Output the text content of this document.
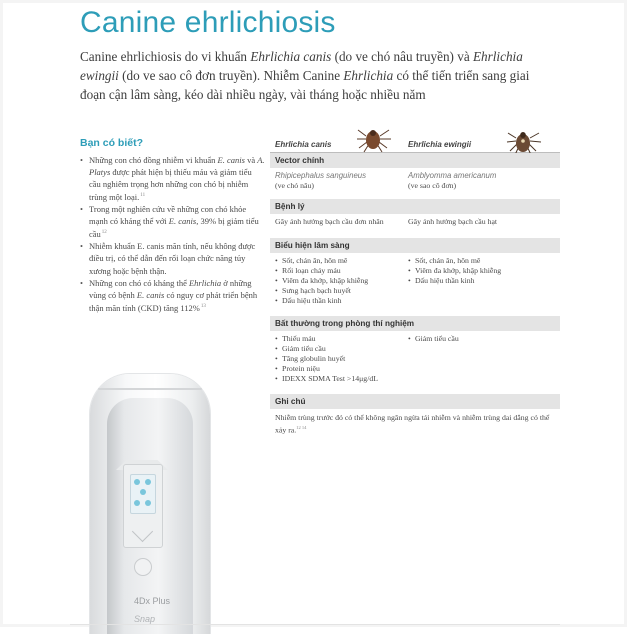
Canine ehrlichiosis
Canine ehrlichiosis do vi khuẩn Ehrlichia canis (do ve chó nâu truyền) và Ehrlichia ewingii (do ve sao cô đơn truyền). Nhiễm Canine Ehrlichia có thể tiến triển sang giai đoạn cận lâm sàng, kéo dài nhiều ngày, vài tháng hoặc nhiều năm
Bạn có biết?
• Những con chó đồng nhiễm vi khuẩn E. canis và A. Platys được phát hiện bị thiếu máu và giảm tiểu cầu nghiêm trọng hơn những con chó bị nhiễm trùng một loại.$^{11}$
• Trong một nghiên cứu về những con chó khỏe mạnh có kháng thể với E. canis, 39% bị giảm tiểu cầu$^{12}$
• Nhiễm khuẩn E. canis mãn tính, nếu không được điều trị, có thể dẫn đến rối loạn chức năng tủy xương hoặc bệnh thận.
• Những con chó có kháng thể Ehrlichia ở những vùng có bệnh E. canis có nguy cơ phát triển bệnh thận mãn tính (CKD) tăng 112%$^{13}$
4Dx Plus
Snap
Ehrlichia canis	Ehrlichia ewingii
Vector chính
Rhipicephalus sanguineus
(ve chó nâu)
Amblyomma americanum
(ve sao cô đơn)
Bệnh lý
Gây ảnh hưởng bạch cầu đơn nhân	Gây ảnh hưởng bạch cầu hạt
Biểu hiện lâm sàng
• Sốt, chán ăn, hôn mê
• Rối loạn chảy máu
• Viêm đa khớp, khập khiễng
• Sưng hạch bạch huyết
• Dấu hiệu thần kinh
• Sốt, chán ăn, hôn mê
• Viêm đa khớp, khập khiễng
• Dấu hiệu thần kinh
Bất thường trong phòng thí nghiệm
• Thiếu máu
• Giảm tiểu cầu
• Tăng globulin huyết
• Protein niệu
• IDEXX SDMA Test >14μg/dL
• Giảm tiểu cầu
Ghi chú
Nhiễm trùng trước đó có thể không ngăn ngừa tái nhiễm và nhiễm trùng dai dẳng có thể xảy ra.$^{12 14}$
